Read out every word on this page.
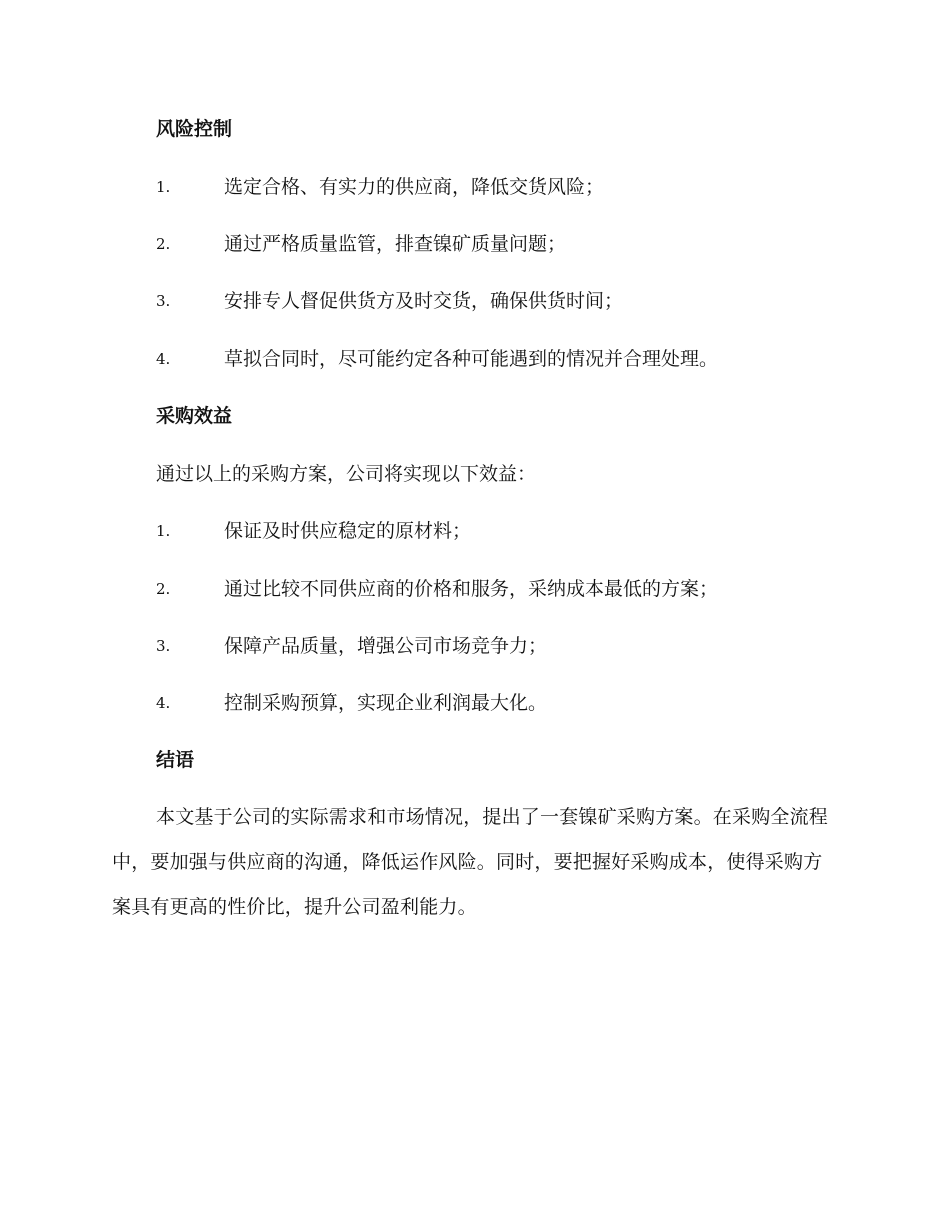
风险控制
1.	选定合格、有实力的供应商，降低交货风险；
2.	通过严格质量监管，排查镍矿质量问题；
3.	安排专人督促供货方及时交货，确保供货时间；
4.	草拟合同时，尽可能约定各种可能遇到的情况并合理处理。
采购效益
通过以上的采购方案，公司将实现以下效益：
1.	保证及时供应稳定的原材料；
2.	通过比较不同供应商的价格和服务，采纳成本最低的方案；
3.	保障产品质量，增强公司市场竞争力；
4.	控制采购预算，实现企业利润最大化。
结语
本文基于公司的实际需求和市场情况，提出了一套镍矿采购方案。在采购全流程中，要加强与供应商的沟通，降低运作风险。同时，要把握好采购成本，使得采购方案具有更高的性价比，提升公司盈利能力。
